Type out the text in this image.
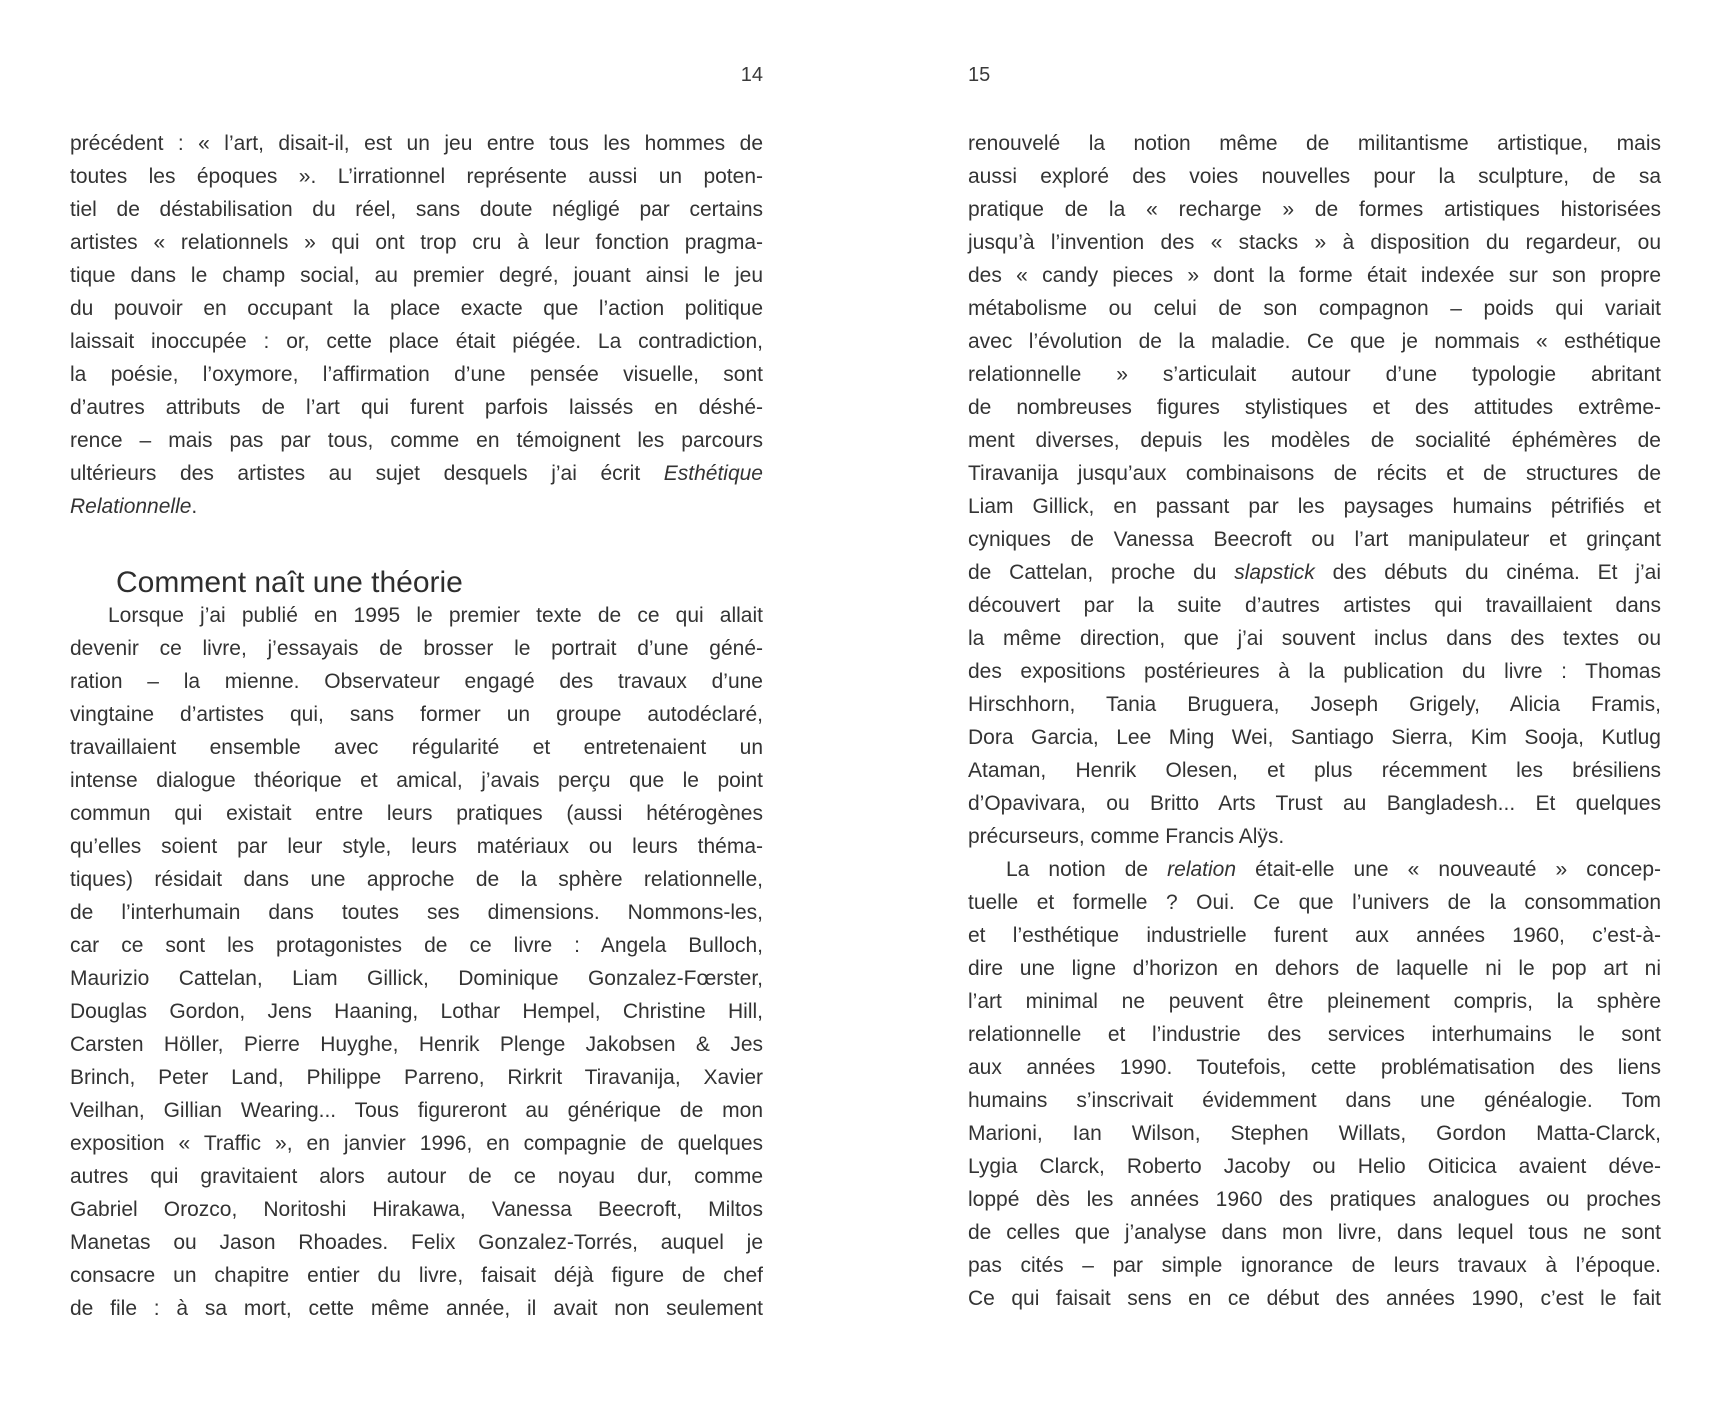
14	15
précédent : « l’art, disait-il, est un jeu entre tous les hommes de
toutes les époques ». L’irrationnel représente aussi un poten-
tiel de déstabilisation du réel, sans doute négligé par certains
artistes « relationnels » qui ont trop cru à leur fonction pragma-
tique dans le champ social, au premier degré, jouant ainsi le jeu
du pouvoir en occupant la place exacte que l’action politique
laissait inoccupée : or, cette place était piégée. La contradiction,
la poésie, l’oxymore, l’affirmation d’une pensée visuelle, sont
d’autres attributs de l’art qui furent parfois laissés en déshé-
rence – mais pas par tous, comme en témoignent les parcours
ultérieurs des artistes au sujet desquels j’ai écrit Esthétique
Relationnelle.
Comment naît une théorie
Lorsque j’ai publié en 1995 le premier texte de ce qui allait
devenir ce livre, j’essayais de brosser le portrait d’une géné-
ration – la mienne. Observateur engagé des travaux d’une
vingtaine d’artistes qui, sans former un groupe autodéclaré,
travaillaient ensemble avec régularité et entretenaient un
intense dialogue théorique et amical, j’avais perçu que le point
commun qui existait entre leurs pratiques (aussi hétérogènes
qu’elles soient par leur style, leurs matériaux ou leurs théma-
tiques) résidait dans une approche de la sphère relationnelle,
de l’interhumain dans toutes ses dimensions. Nommons-les,
car ce sont les protagonistes de ce livre : Angela Bulloch,
Maurizio Cattelan, Liam Gillick, Dominique Gonzalez-Fœrster,
Douglas Gordon, Jens Haaning, Lothar Hempel, Christine Hill,
Carsten Höller, Pierre Huyghe, Henrik Plenge Jakobsen & Jes
Brinch, Peter Land, Philippe Parreno, Rirkrit Tiravanija, Xavier
Veilhan, Gillian Wearing... Tous figureront au générique de mon
exposition « Traffic », en janvier 1996, en compagnie de quelques
autres qui gravitaient alors autour de ce noyau dur, comme
Gabriel Orozco, Noritoshi Hirakawa, Vanessa Beecroft, Miltos
Manetas ou Jason Rhoades. Felix Gonzalez-Torrés, auquel je
consacre un chapitre entier du livre, faisait déjà figure de chef
de file : à sa mort, cette même année, il avait non seulement
renouvelé la notion même de militantisme artistique, mais
aussi exploré des voies nouvelles pour la sculpture, de sa
pratique de la « recharge » de formes artistiques historisées
jusqu’à l’invention des « stacks » à disposition du regardeur, ou
des « candy pieces » dont la forme était indexée sur son propre
métabolisme ou celui de son compagnon – poids qui variait
avec l’évolution de la maladie. Ce que je nommais « esthétique
relationnelle » s’articulait autour d’une typologie abritant
de nombreuses figures stylistiques et des attitudes extrême-
ment diverses, depuis les modèles de socialité éphémères de
Tiravanija jusqu’aux combinaisons de récits et de structures de
Liam Gillick, en passant par les paysages humains pétrifiés et
cyniques de Vanessa Beecroft ou l’art manipulateur et grinçant
de Cattelan, proche du slapstick des débuts du cinéma. Et j’ai
découvert par la suite d’autres artistes qui travaillaient dans
la même direction, que j’ai souvent inclus dans des textes ou
des expositions postérieures à la publication du livre : Thomas
Hirschhorn, Tania Bruguera, Joseph Grigely, Alicia Framis,
Dora Garcia, Lee Ming Wei, Santiago Sierra, Kim Sooja, Kutlug
Ataman, Henrik Olesen, et plus récemment les brésiliens
d’Opavivara, ou Britto Arts Trust au Bangladesh... Et quelques
précurseurs, comme Francis Alÿs.
La notion de relation était-elle une « nouveauté » concep-
tuelle et formelle ? Oui. Ce que l’univers de la consommation
et l’esthétique industrielle furent aux années 1960, c’est-à-
dire une ligne d’horizon en dehors de laquelle ni le pop art ni
l’art minimal ne peuvent être pleinement compris, la sphère
relationnelle et l’industrie des services interhumains le sont
aux années 1990. Toutefois, cette problématisation des liens
humains s’inscrivait évidemment dans une généalogie. Tom
Marioni, Ian Wilson, Stephen Willats, Gordon Matta-Clarck,
Lygia Clarck, Roberto Jacoby ou Helio Oiticica avaient déve-
loppé dès les années 1960 des pratiques analogues ou proches
de celles que j’analyse dans mon livre, dans lequel tous ne sont
pas cités – par simple ignorance de leurs travaux à l’époque.
Ce qui faisait sens en ce début des années 1990, c’est le fait
